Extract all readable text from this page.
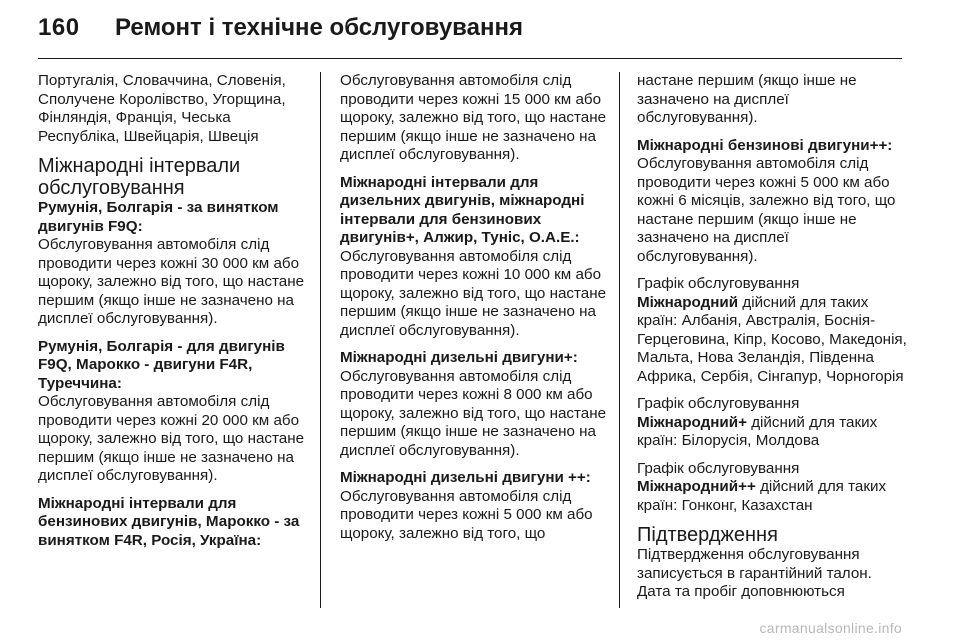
160 Ремонт і технічне обслуговування

Португалія, Словаччина, Словенія, Сполучене Королівство, Угорщина, Фінляндія, Франція, Чеська Республіка, Швейцарія, Швеція

Міжнародні інтервали обслуговування

Румунія, Болгарія - за винятком двигунів F9Q:

Обслуговування автомобіля слід проводити через кожні 30 000 км або щороку, залежно від того, що настане першим (якщо інше не зазначено на дисплеї обслуговування).

Румунія, Болгарія - для двигунів F9Q, Марокко - двигуни F4R, Туреччина:

Обслуговування автомобіля слід проводити через кожні 20 000 км або щороку, залежно від того, що настане першим (якщо інше не зазначено на дисплеї обслуговування).

Міжнародні інтервали для бензинових двигунів, Марокко - за винятком F4R, Росія, Україна:

Обслуговування автомобіля слід проводити через кожні 15 000 км або щороку, залежно від того, що настане першим (якщо інше не зазначено на дисплеї обслуговування).

Міжнародні інтервали для дизельних двигунів, міжнародні інтервали для бензинових двигунів+, Алжир, Туніс, О.А.Е.:

Обслуговування автомобіля слід проводити через кожні 10 000 км або щороку, залежно від того, що настане першим (якщо інше не зазначено на дисплеї обслуговування).

Міжнародні дизельні двигуни+:

Обслуговування автомобіля слід проводити через кожні 8 000 км або щороку, залежно від того, що настане першим (якщо інше не зазначено на дисплеї обслуговування).

Міжнародні дизельні двигуни ++:

Обслуговування автомобіля слід проводити через кожні 5 000 км або щороку, залежно від того, що

настане першим (якщо інше не зазначено на дисплеї обслуговування).

Міжнародні бензинові двигуни++:

Обслуговування автомобіля слід проводити через кожні 5 000 км або кожні 6 місяців, залежно від того, що настане першим (якщо інше не зазначено на дисплеї обслуговування).

Графік обслуговування
Міжнародний дійсний для таких країн: Албанія, Австралія, Боснія-Герцеговина, Кіпр, Косово, Македонія, Мальта, Нова Зеландія, Південна Африка, Сербія, Сінгапур, Чорногорія
Графік обслуговування
Міжнародний+ дійсний для таких країн: Білорусія, Молдова
Графік обслуговування
Міжнародний++ дійсний для таких країн: Гонконг, Казахстан
Підтвердження

Підтвердження обслуговування записується в гарантійний талон. Дата та пробіг доповнюються

carmanualsonline.info
